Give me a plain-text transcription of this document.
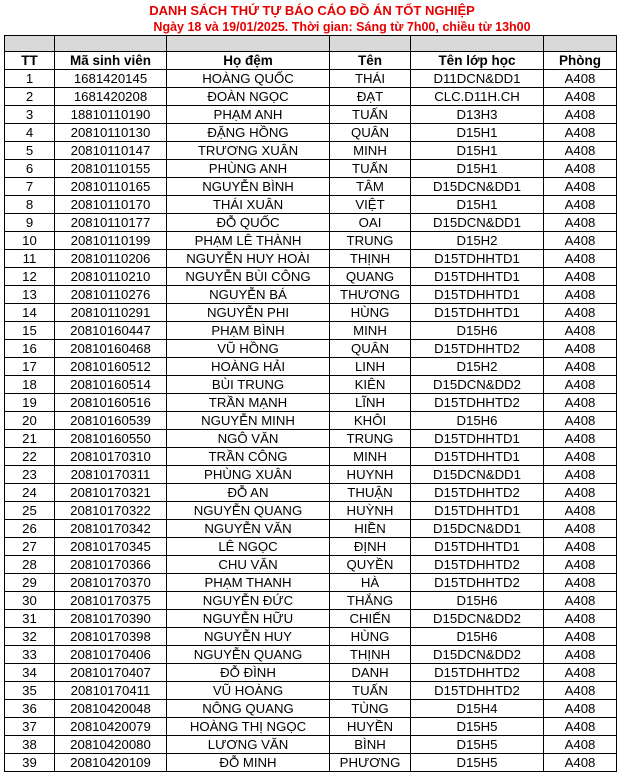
DANH SÁCH THỨ TỰ BÁO CÁO ĐỒ ÁN TỐT NGHIỆP
Ngày 18 và 19/01/2025. Thời gian: Sáng từ 7h00, chiều từ 13h00

TT	Mã sinh viên	Họ đệm	Tên	Tên lớp học	Phòng
1	1681420145	HOÀNG QUỐC	THÁI	D11DCN&DD1	A408
2	1681420208	ĐOÀN NGỌC	ĐẠT	CLC.D11H.CH	A408
3	18810110190	PHẠM ANH	TUẤN	D13H3	A408
4	20810110130	ĐẶNG HỒNG	QUÂN	D15H1	A408
5	20810110147	TRƯƠNG XUÂN	MINH	D15H1	A408
6	20810110155	PHÙNG ANH	TUẤN	D15H1	A408
7	20810110165	NGUYỄN BÌNH	TÂM	D15DCN&DD1	A408
8	20810110170	THÁI XUÂN	VIỆT	D15H1	A408
9	20810110177	ĐỖ QUỐC	OAI	D15DCN&DD1	A408
10	20810110199	PHẠM LÊ THÀNH	TRUNG	D15H2	A408
11	20810110206	NGUYỄN HUY HOÀI	THỊNH	D15TDHHTD1	A408
12	20810110210	NGUYỄN BÙI CÔNG	QUANG	D15TDHHTD1	A408
13	20810110276	NGUYỄN BÁ	THƯƠNG	D15TDHHTD1	A408
14	20810110291	NGUYỄN PHI	HÙNG	D15TDHHTD1	A408
15	20810160447	PHẠM BÌNH	MINH	D15H6	A408
16	20810160468	VŨ HỒNG	QUÂN	D15TDHHTD2	A408
17	20810160512	HOÀNG HẢI	LINH	D15H2	A408
18	20810160514	BÙI TRUNG	KIÊN	D15DCN&DD2	A408
19	20810160516	TRẦN MẠNH	LĨNH	D15TDHHTD2	A408
20	20810160539	NGUYỄN MINH	KHÔI	D15H6	A408
21	20810160550	NGÔ VĂN	TRUNG	D15TDHHTD1	A408
22	20810170310	TRẦN CÔNG	MINH	D15TDHHTD1	A408
23	20810170311	PHÙNG XUÂN	HUYNH	D15DCN&DD1	A408
24	20810170321	ĐỖ AN	THUẬN	D15TDHHTD2	A408
25	20810170322	NGUYỄN QUANG	HUỲNH	D15TDHHTD1	A408
26	20810170342	NGUYỄN VĂN	HIỀN	D15DCN&DD1	A408
27	20810170345	LÊ NGỌC	ĐỊNH	D15TDHHTD1	A408
28	20810170366	CHU VĂN	QUYỀN	D15TDHHTD2	A408
29	20810170370	PHẠM THANH	HÀ	D15TDHHTD2	A408
30	20810170375	NGUYỄN ĐỨC	THẮNG	D15H6	A408
31	20810170390	NGUYỄN HỮU	CHIẾN	D15DCN&DD2	A408
32	20810170398	NGUYỄN HUY	HÙNG	D15H6	A408
33	20810170406	NGUYỄN QUANG	THỊNH	D15DCN&DD2	A408
34	20810170407	ĐỖ ĐÌNH	DANH	D15TDHHTD2	A408
35	20810170411	VŨ HOÀNG	TUẤN	D15TDHHTD2	A408
36	20810420048	NÔNG QUANG	TÙNG	D15H4	A408
37	20810420079	HOÀNG THỊ NGỌC	HUYỀN	D15H5	A408
38	20810420080	LƯƠNG VĂN	BÌNH	D15H5	A408
39	20810420109	ĐỖ MINH	PHƯƠNG	D15H5	A408
